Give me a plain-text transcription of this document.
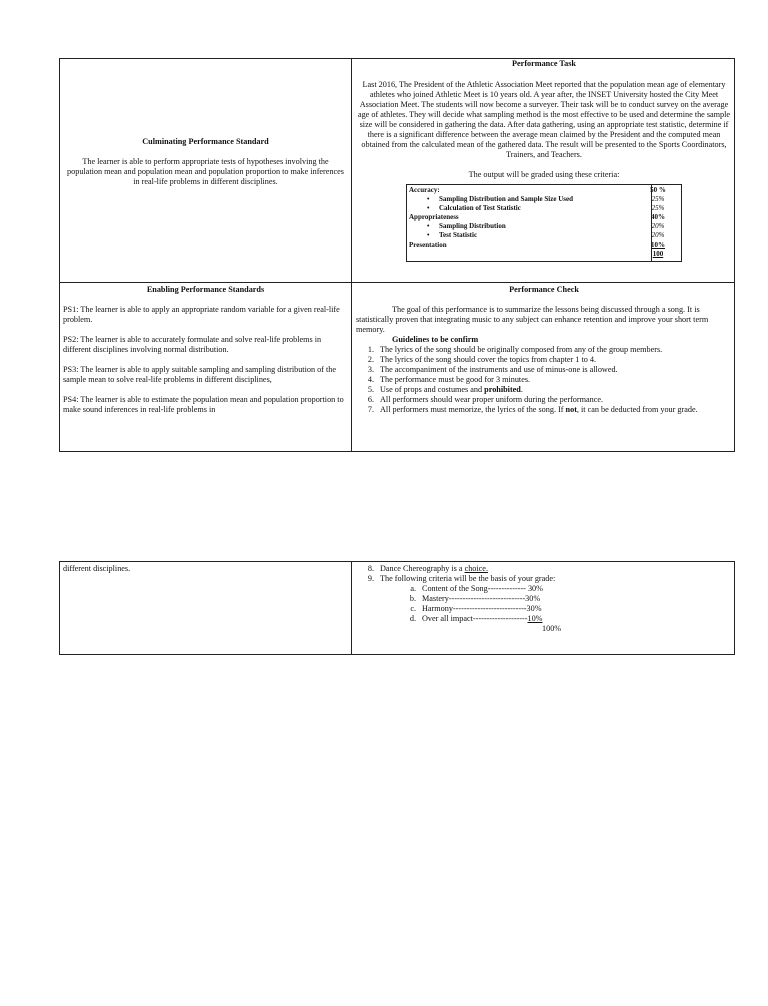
Culminating Performance Standard

The learner is able to perform appropriate tests of hypotheses involving the population mean and population mean and population proportion to make inferences in real-life problems in different disciplines.

Performance Task

Last 2016, The President of the Athletic Association Meet reported that the population mean age of elementary athletes who joined Athletic Meet is 10 years old. A year after, the INSET University hosted the City Meet Association Meet. The students will now become a surveyer. Their task will be to conduct survey on the average age of athletes. They will decide what sampling method is the most effective to be used and determine the sample size will be considered in gathering the data. After data gathering, using an appropriate test statistic, determine if there is a significant difference between the average mean claimed by the President and the computed mean obtained from the calculated mean of the gathered data. The result will be presented to the Sports Coordinators, Trainers, and Teachers.

The output will be graded using these criteria:

Accuracy:	50 %
• Sampling Distribution and Sample Size Used	25%
• Calculation of Test Statistic	25%
Appropriateness	40%
• Sampling Distribution	20%
• Test Statistic	20%
Presentation	10%
100

Enabling Performance Standards

PS1: The learner is able to apply an appropriate random variable for a given real-life problem.

PS2: The learner is able to accurately formulate and solve real-life problems in different disciplines involving normal distribution.

PS3: The learner is able to apply suitable sampling and sampling distribution of the sample mean to solve real-life problems in different disciplines,

PS4: The learner is able to estimate the population mean and population proportion to make sound inferences in real-life problems in

Performance Check

The goal of this performance is to summarize the lessons being discussed through a song. It is statistically proven that integrating music to any subject can enhance retention and improve your short term memory.

Guidelines to be confirm

1. The lyrics of the song should be originally composed from any of the group members.
2. The lyrics of the song should cover the topics from chapter 1 to 4.
3. The accompaniment of the instruments and use of minus-one is allowed.
4. The performance must be good for 3 minutes.
5. Use of props and costumes and prohibited.
6. All performers should wear proper uniform during the performance.
7. All performers must memorize, the lyrics of the song. If not, it can be deducted from your grade.

different disciplines.	8. Dance Chereography is a choice.
9. The following criteria will be the basis of your grade:
a. Content of the Song-------------- 30%
b. Mastery----------------------------30%
c. Harmony---------------------------30%
d. Over all impact--------------------10%

100%
